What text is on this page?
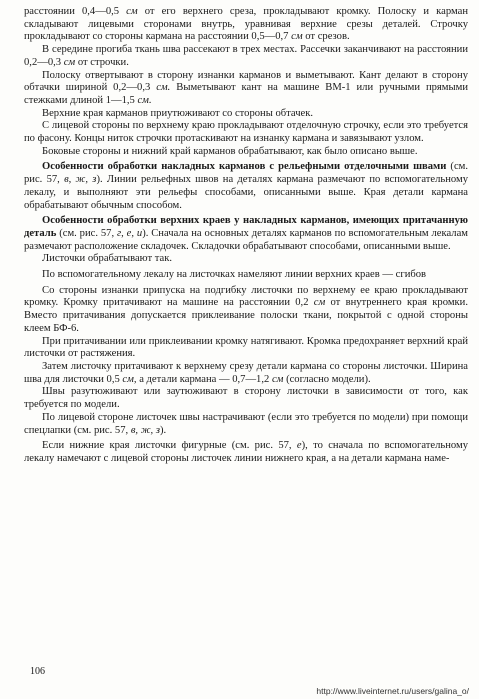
расстоянии 0,4—0,5 см от его верхнего среза, прокладывают кромку. Полоску и карман складывают лицевыми сторонами внутрь, уравнивая верхние срезы деталей. Строчку прокладывают со стороны кармана на расстоянии 0,5—0,7 см от срезов.

В середине прогиба ткань шва рассекают в трех местах. Рассечки заканчивают на расстоянии 0,2—0,3 см от строчки.

Полоску отвертывают в сторону изнанки карманов и выметывают. Кант делают в сторону обтачки шириной 0,2—0,3 см. Выметывают кант на машине ВМ-1 или ручными прямыми стежками длиной 1—1,5 см.

Верхние края карманов приутюживают со стороны обтачек.

С лицевой стороны по верхнему краю прокладывают отделочную строчку, если это требуется по фасону. Концы ниток строчки протаскивают на изнанку кармана и завязывают узлом.

Боковые стороны и нижний край карманов обрабатывают, как было описано выше.

Особенности обработки накладных карманов с рельефными отделочными швами (см. рис. 57, в, ж, з). Линии рельефных швов на деталях кармана размечают по вспомогательному лекалу, и выполняют эти рельефы способами, описанными выше. Края детали кармана обрабатывают обычным способом.

Особенности обработки верхних краев у накладных карманов, имеющих притачанную деталь (см. рис. 57, г, е, и). Сначала на основных деталях карманов по вспомогательным лекалам размечают расположение складочек. Складочки обрабатывают способами, описанными выше.

Листочки обрабатывают так.

По вспомогательному лекалу на листочках намеляют линии верхних краев — сгибов

Со стороны изнанки припуска на подгибку листочки по верхнему ее краю прокладывают кромку. Кромку притачивают на машине на расстоянии 0,2 см от внутреннего края кромки. Вместо притачивания допускается приклеивание полоски ткани, покрытой с одной стороны клеем БФ-6.

При притачивании или приклеивании кромку натягивают. Кромка предохраняет верхний край листочки от растяжения.

Затем листочку притачивают к верхнему срезу детали кармана со стороны листочки. Ширина шва для листочки 0,5 см, а детали кармана — 0,7—1,2 см (согласно модели).

Швы разутюживают или заутюживают в сторону листочки в зависимости от того, как требуется по модели.

По лицевой стороне листочек швы настрачивают (если это требуется по модели) при помощи спецлапки (см. рис. 57, в, ж, з).

Если нижние края листочки фигурные (см. рис. 57, е), то сначала по вспомогательному лекалу намечают с лицевой стороны листочек линии нижнего края, а на детали кармана наме-

106
http://www.liveinternet.ru/users/galina_o/
